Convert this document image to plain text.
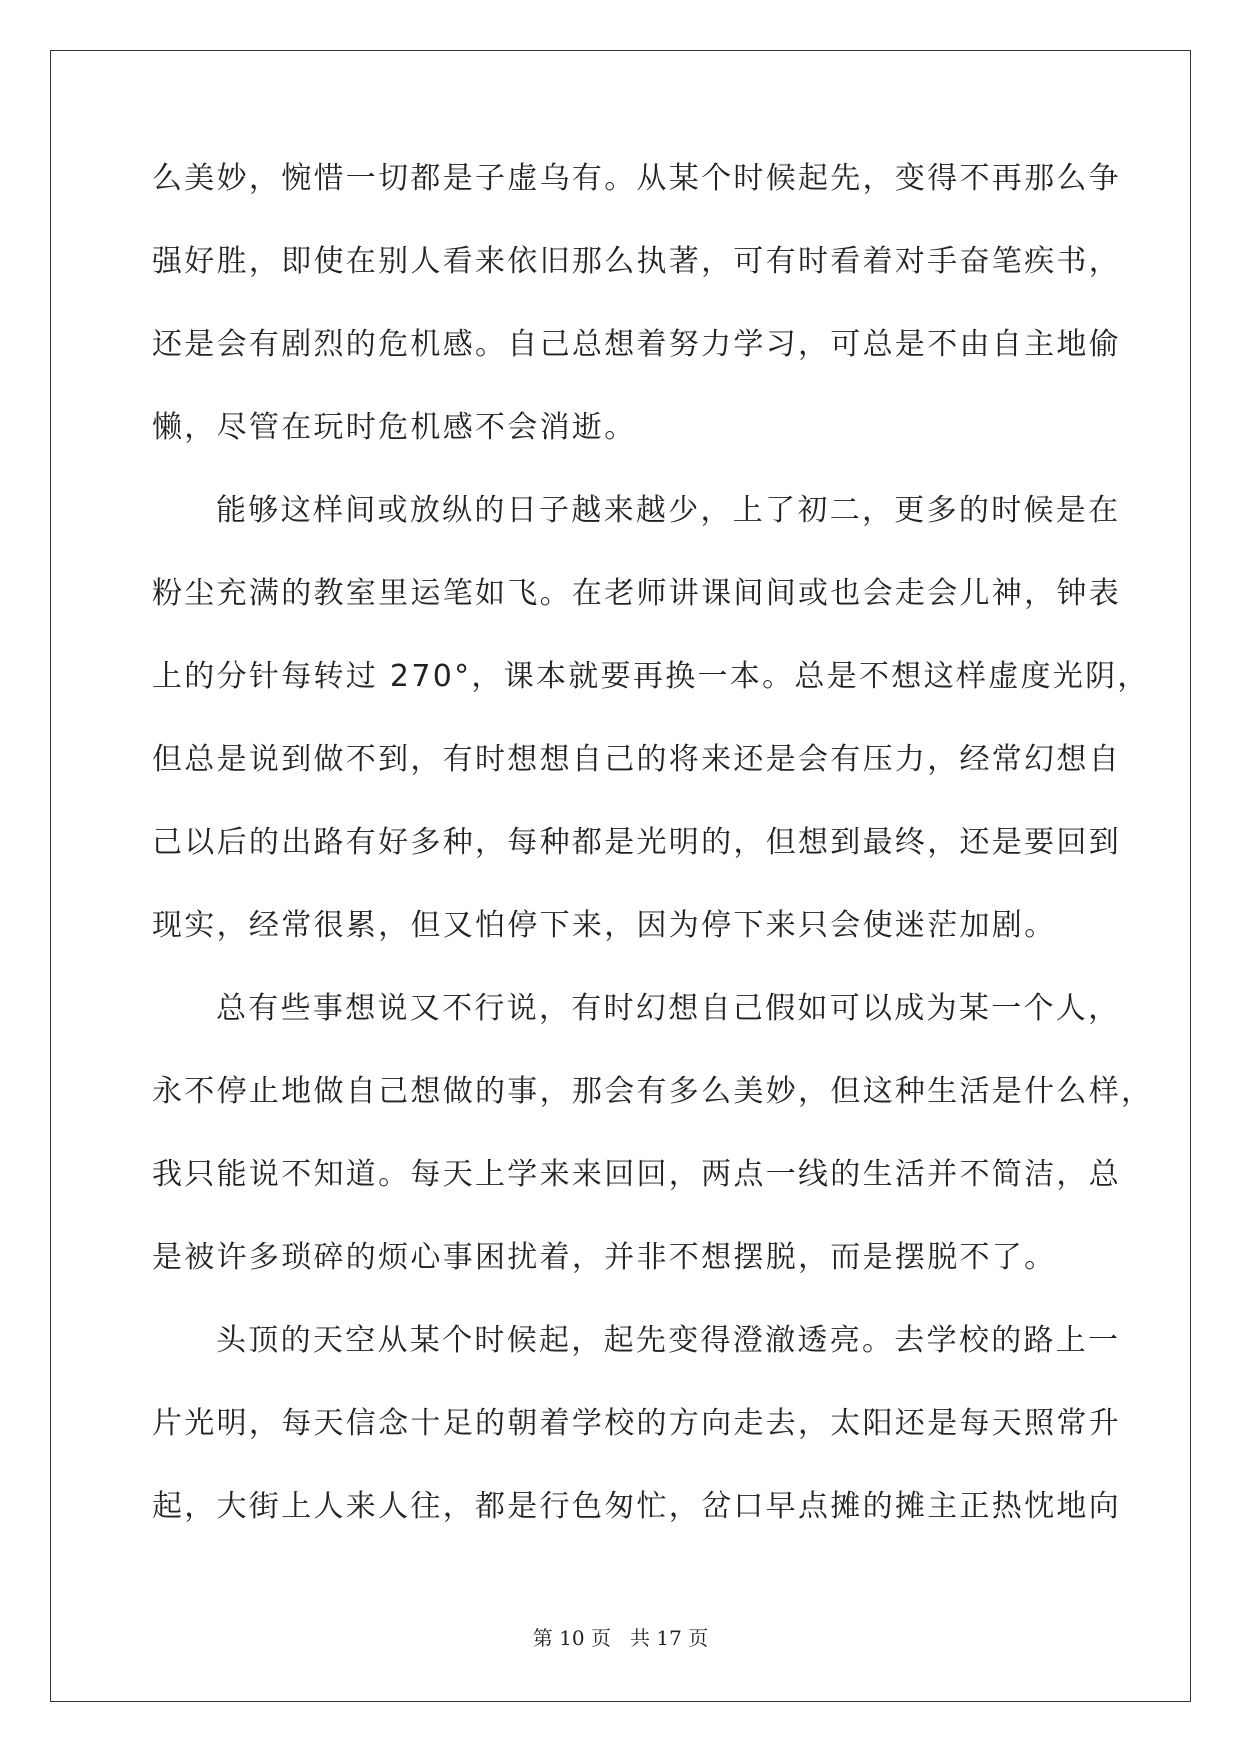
么美妙，惋惜一切都是子虚乌有。从某个时候起先，变得不再那么争
强好胜，即使在别人看来依旧那么执著，可有时看着对手奋笔疾书，
还是会有剧烈的危机感。自己总想着努力学习，可总是不由自主地偷
懒，尽管在玩时危机感不会消逝。
能够这样间或放纵的日子越来越少，上了初二，更多的时候是在
粉尘充满的教室里运笔如飞。在老师讲课间间或也会走会儿神，钟表
上的分针每转过 270°，课本就要再换一本。总是不想这样虚度光阴，
但总是说到做不到，有时想想自己的将来还是会有压力，经常幻想自
己以后的出路有好多种，每种都是光明的，但想到最终，还是要回到
现实，经常很累，但又怕停下来，因为停下来只会使迷茫加剧。
总有些事想说又不行说，有时幻想自己假如可以成为某一个人，
永不停止地做自己想做的事，那会有多么美妙，但这种生活是什么样，
我只能说不知道。每天上学来来回回，两点一线的生活并不简洁，总
是被许多琐碎的烦心事困扰着，并非不想摆脱，而是摆脱不了。
头顶的天空从某个时候起，起先变得澄澈透亮。去学校的路上一
片光明，每天信念十足的朝着学校的方向走去，太阳还是每天照常升
起，大街上人来人往，都是行色匆忙，岔口早点摊的摊主正热忱地向
第 10 页 共 17 页
